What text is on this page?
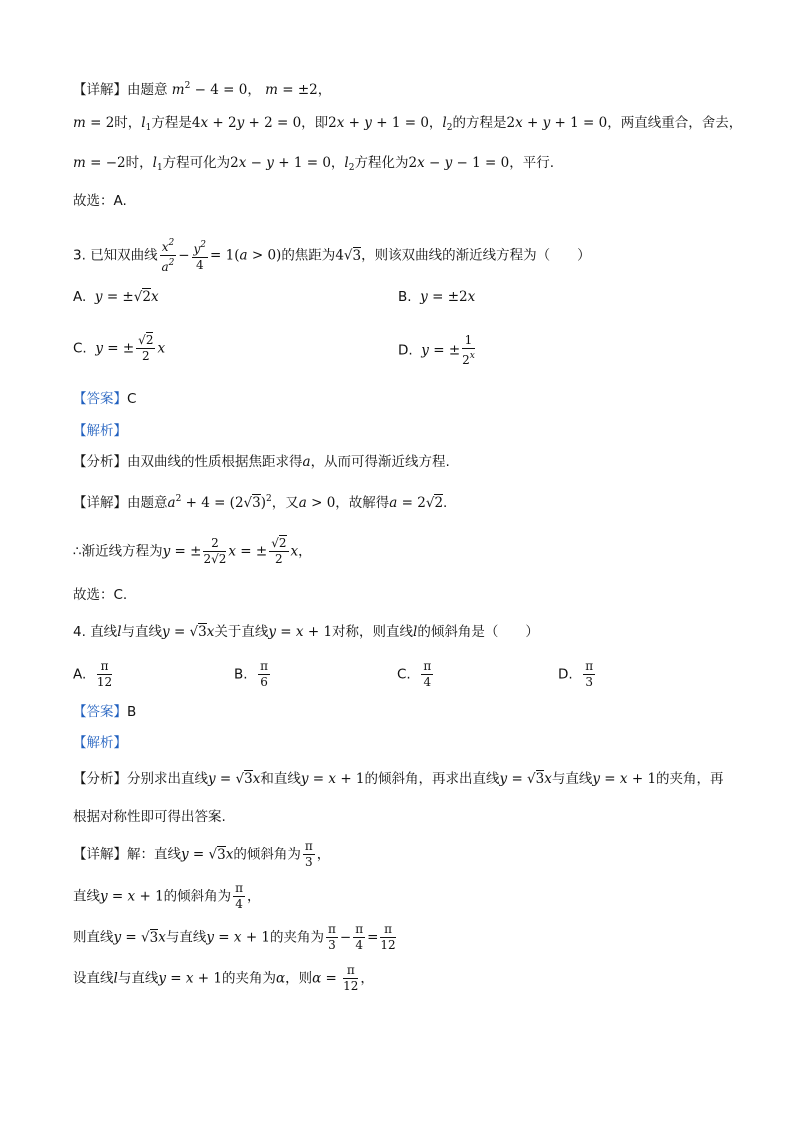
【详解】由题意 $m^2 - 4 = 0$， m = ±2，
m = 2时，$l_1$方程是4x + 2y + 2 = 0，即2x + y + 1 = 0，$l_2$的方程是2x + y + 1 = 0，两直线重合，舍去，
m = −2时，$l_1$方程可化为2x − y + 1 = 0，$l_2$方程化为2x − y − 1 = 0，平行.
故选：A.
3. 已知双曲线 $\frac{x^2}{a^2} - \frac{y^2}{4} = 1(a > 0)$的焦距为4√3，则该双曲线的渐近线方程为（　　）
A. y = ±√2x	B. y = ±2x
C. y = ± $\frac{√2}{2}$ x	D. y = ± $\frac{1}{2^x}$
【答案】C
【解析】
【分析】由双曲线的性质根据焦距求得a，从而可得渐近线方程.
【详解】由题意$a^2 + 4 = (2√3)^2$，又a > 0，故解得a = 2√2.
∴渐近线方程为y = ± $\frac{2}{2√2}$ x = ± $\frac{√2}{2}$ x，
故选：C.
4. 直线l与直线y = √3x关于直线y = x + 1对称，则直线l的倾斜角是（　　）
A. $\frac{\pi}{12}$	B. $\frac{\pi}{6}$	C. $\frac{\pi}{4}$	D. $\frac{\pi}{3}$
【答案】B
【解析】
【分析】分别求出直线y = √3x和直线y = x + 1的倾斜角，再求出直线y = √3x与直线y = x + 1的夹角，再
根据对称性即可得出答案.
【详解】解：直线y = √3x的倾斜角为 $\frac{\pi}{3}$ ，
直线y = x + 1的倾斜角为 $\frac{\pi}{4}$ ，
则直线y = √3x与直线y = x + 1的夹角为 $\frac{\pi}{3} - \frac{\pi}{4} = \frac{\pi}{12}$
设直线l与直线y = x + 1的夹角为α，则$\alpha = \frac{\pi}{12}$ ，
